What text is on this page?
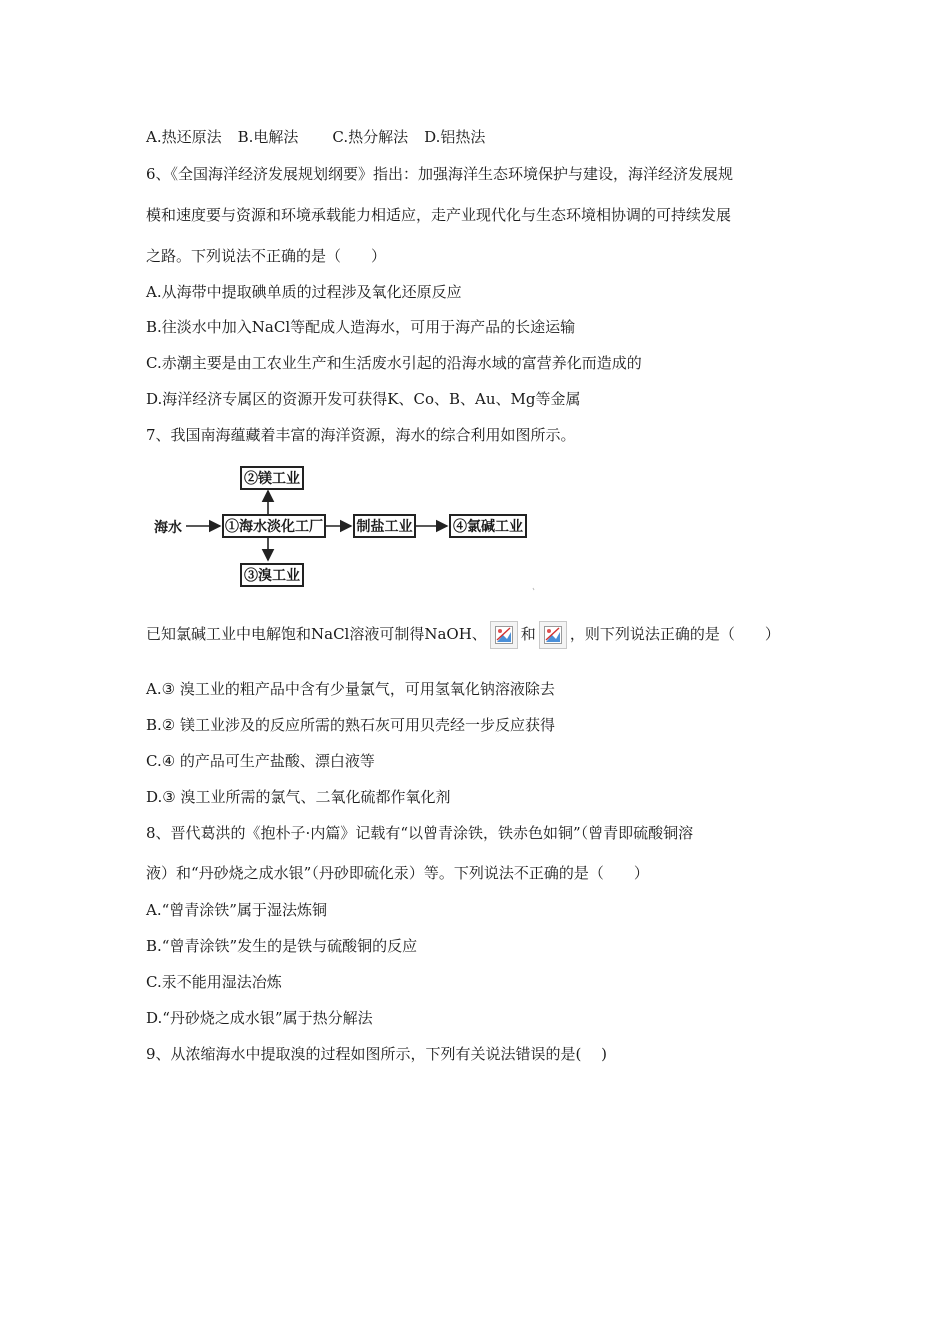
A.热还原法 B.电解法 C.热分解法 D.铝热法

6、《全国海洋经济发展规划纲要》指出：加强海洋生态环境保护与建设，海洋经济发展规

模和速度要与资源和环境承载能力相适应，走产业现代化与生态环境相协调的可持续发展

之路。下列说法不正确的是（　　）

A.从海带中提取碘单质的过程涉及氧化还原反应

B.往淡水中加入NaCl等配成人造海水，可用于海产品的长途运输

C.赤潮主要是由工农业生产和生活废水引起的沿海水域的富营养化而造成的

D.海洋经济专属区的资源开发可获得K、Co、B、Au、Mg等金属

7、我国南海蕴藏着丰富的海洋资源，海水的综合利用如图所示。

海水
②镁工业
①海水淡化工厂 制盐工业	④氯碱工业
③溴工业

已知氯碱工业中电解饱和NaCl溶液可制得NaOH、 和 ，则下列说法正确的是（　　）

A.③ 溴工业的粗产品中含有少量氯气，可用氢氧化钠溶液除去

B.② 镁工业涉及的反应所需的熟石灰可用贝壳经一步反应获得

C.④ 的产品可生产盐酸、漂白液等

D.③ 溴工业所需的氯气、二氧化硫都作氧化剂

8、晋代葛洪的《抱朴子·内篇》记载有“以曾青涂铁，铁赤色如铜”（曾青即硫酸铜溶

液）和“丹砂烧之成水银”（丹砂即硫化汞）等。下列说法不正确的是（　　）

A.“曾青涂铁”属于湿法炼铜

B.“曾青涂铁”发生的是铁与硫酸铜的反应

C.汞不能用湿法冶炼

D.“丹砂烧之成水银”属于热分解法

9、从浓缩海水中提取溴的过程如图所示，下列有关说法错误的是(　 )
